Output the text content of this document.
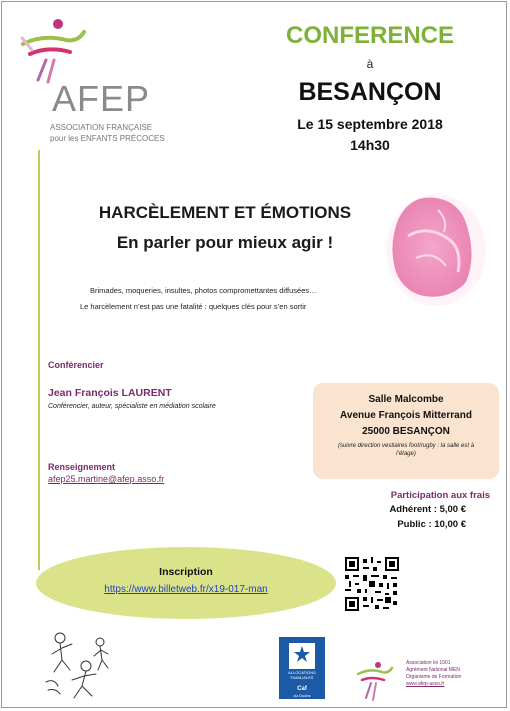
AFEP
ASSOCIATION FRANÇAISE
pour les ENFANTS PRÉCOCES
CONFERENCE
à
BESANÇON
Le 15 septembre 2018
14h30
HARCÈLEMENT ET ÉMOTIONS
En parler pour mieux agir !
Brimades, moqueries, insultes, photos compromettantes diffusées…
Le harcèlement n’est pas une fatalité : quelques clés pour s’en sortir
Conférencier
Jean François LAURENT
Conférencier, auteur, spécialiste en médiation scolaire
Renseignement
afep25.martine@afep.asso.fr
Salle Malcombe
Avenue François Mitterrand
25000 BESANÇON
(suivre direction vestiaires foot/rugby : la salle est à l’étage)
Participation aux frais
Adhérent : 5,00 €
Public : 10,00 €
Inscription
https://www.billetweb.fr/x19-017-man
ALLOCATIONS FAMILIALES
Caf
du Doubs
Association loi 1901
Agrément National MEN
Organisme de Formation
www.afep-asso.fr
